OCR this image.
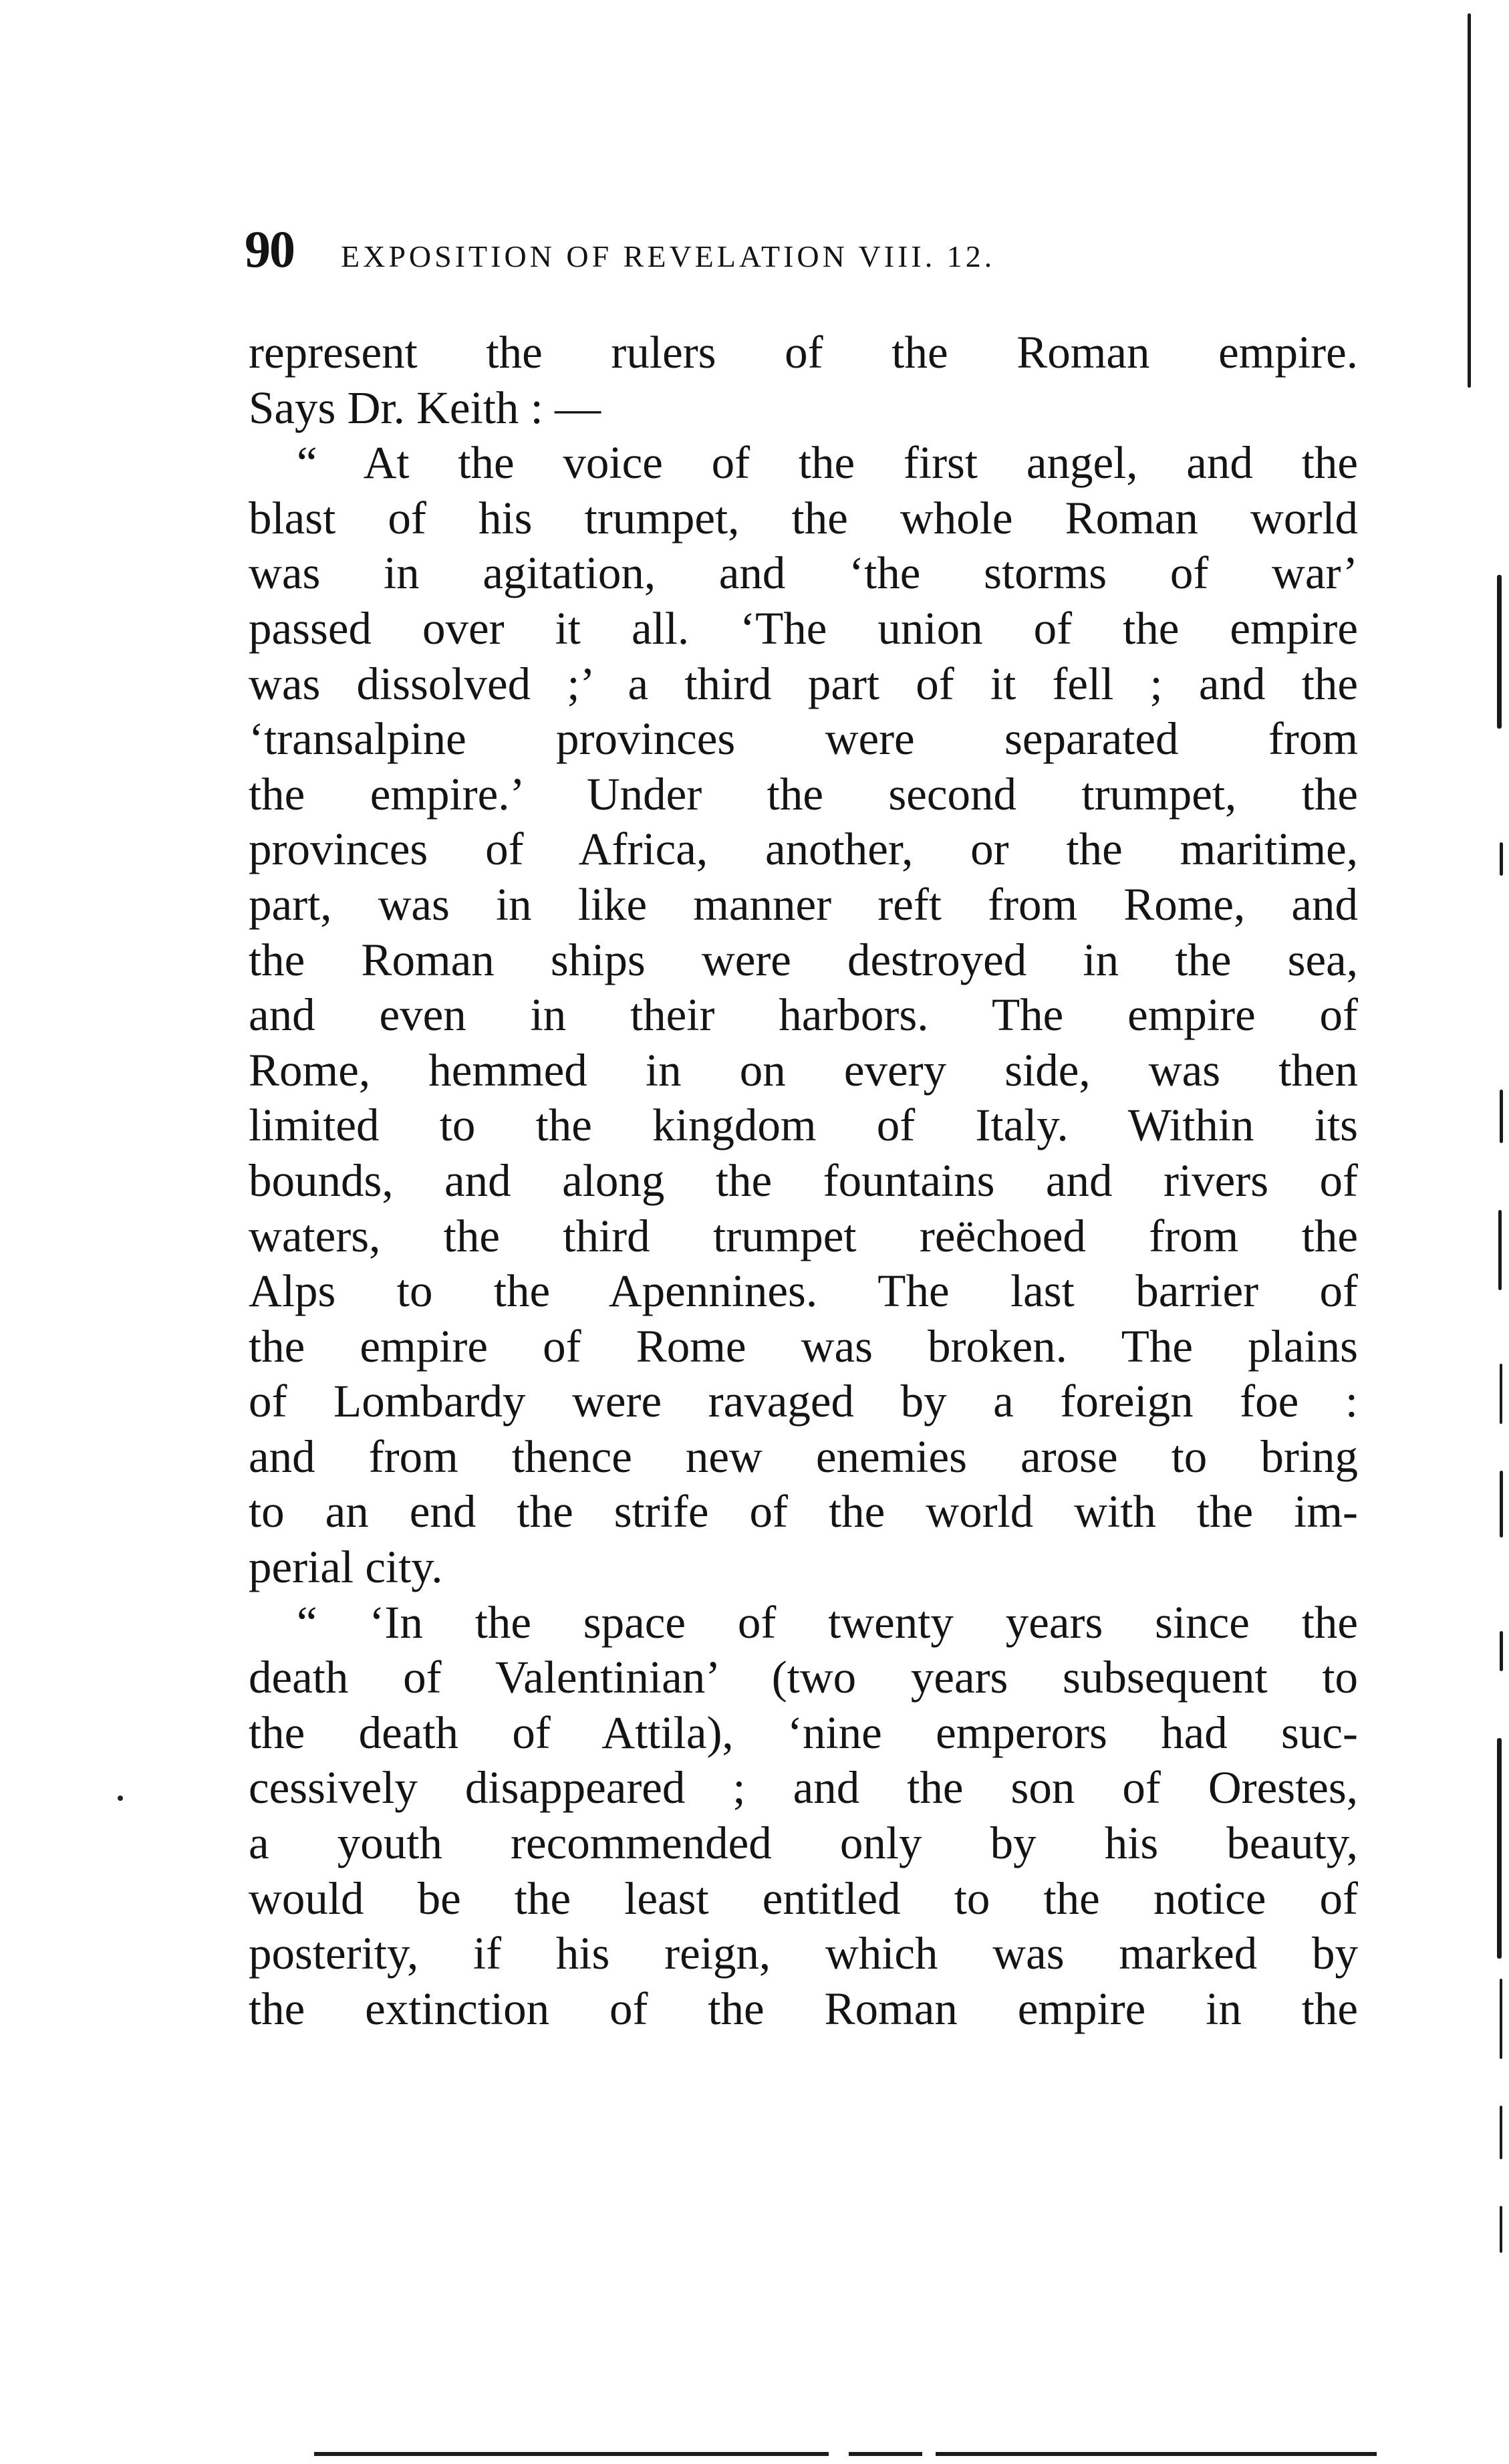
90 EXPOSITION OF REVELATION VIII. 12.
represent the rulers of the Roman empire.
Says Dr. Keith : —
“ At the voice of the first angel, and the
blast of his trumpet, the whole Roman world
was in agitation, and ‘the storms of war’
passed over it all. ‘The union of the empire
was dissolved ;’ a third part of it fell ; and the
‘transalpine provinces were separated from
the empire.’ Under the second trumpet, the
provinces of Africa, another, or the maritime,
part, was in like manner reft from Rome, and
the Roman ships were destroyed in the sea,
and even in their harbors. The empire of
Rome, hemmed in on every side, was then
limited to the kingdom of Italy. Within its
bounds, and along the fountains and rivers of
waters, the third trumpet reëchoed from the
Alps to the Apennines. The last barrier of
the empire of Rome was broken. The plains
of Lombardy were ravaged by a foreign foe :
and from thence new enemies arose to bring
to an end the strife of the world with the im-
perial city.
“ ‘In the space of twenty years since the
death of Valentinian’ (two years subsequent to
the death of Attila), ‘nine emperors had suc-
cessively disappeared ; and the son of Orestes,
a youth recommended only by his beauty,
would be the least entitled to the notice of
posterity, if his reign, which was marked by
the extinction of the Roman empire in the
